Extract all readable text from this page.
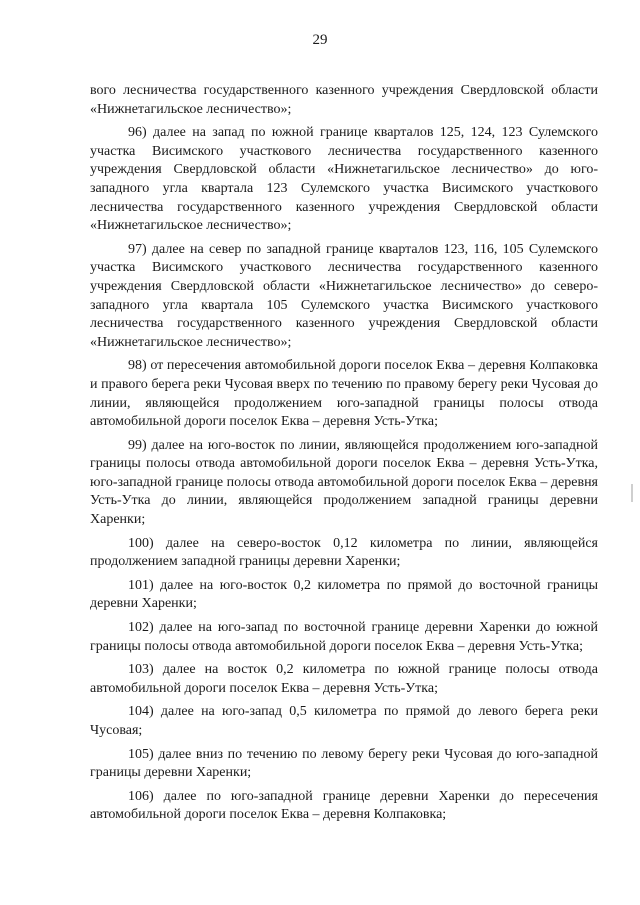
29

вого лесничества государственного казенного учреждения Свердловской области «Нижнетагильское лесничество»;

96) далее на запад по южной границе кварталов 125, 124, 123 Сулемского участка Висимского участкового лесничества государственного казенного учреждения Свердловской области «Нижнетагильское лесничество» до юго-западного угла квартала 123 Сулемского участка Висимского участкового лесничества государственного казенного учреждения Свердловской области «Нижнетагильское лесничество»;

97) далее на север по западной границе кварталов 123, 116, 105 Сулемского участка Висимского участкового лесничества государственного казенного учреждения Свердловской области «Нижнетагильское лесничество» до северо-западного угла квартала 105 Сулемского участка Висимского участкового лесничества государственного казенного учреждения Свердловской области «Нижнетагильское лесничество»;

98) от пересечения автомобильной дороги поселок Еква – деревня Колпаковка и правого берега реки Чусовая вверх по течению по правому берегу реки Чусовая до линии, являющейся продолжением юго-западной границы полосы отвода автомобильной дороги поселок Еква – деревня Усть-Утка;

99) далее на юго-восток по линии, являющейся продолжением юго-западной границы полосы отвода автомобильной дороги поселок Еква – деревня Усть-Утка, юго-западной границе полосы отвода автомобильной дороги поселок Еква – деревня Усть-Утка до линии, являющейся продолжением западной границы деревни Харенки;

100) далее на северо-восток 0,12 километра по линии, являющейся продолжением западной границы деревни Харенки;

101) далее на юго-восток 0,2 километра по прямой до восточной границы деревни Харенки;

102) далее на юго-запад по восточной границе деревни Харенки до южной границы полосы отвода автомобильной дороги поселок Еква – деревня Усть-Утка;

103) далее на восток 0,2 километра по южной границе полосы отвода автомобильной дороги поселок Еква – деревня Усть-Утка;

104) далее на юго-запад 0,5 километра по прямой до левого берега реки Чусовая;

105) далее вниз по течению по левому берегу реки Чусовая до юго-западной границы деревни Харенки;

106) далее по юго-западной границе деревни Харенки до пересечения автомобильной дороги поселок Еква – деревня Колпаковка;
